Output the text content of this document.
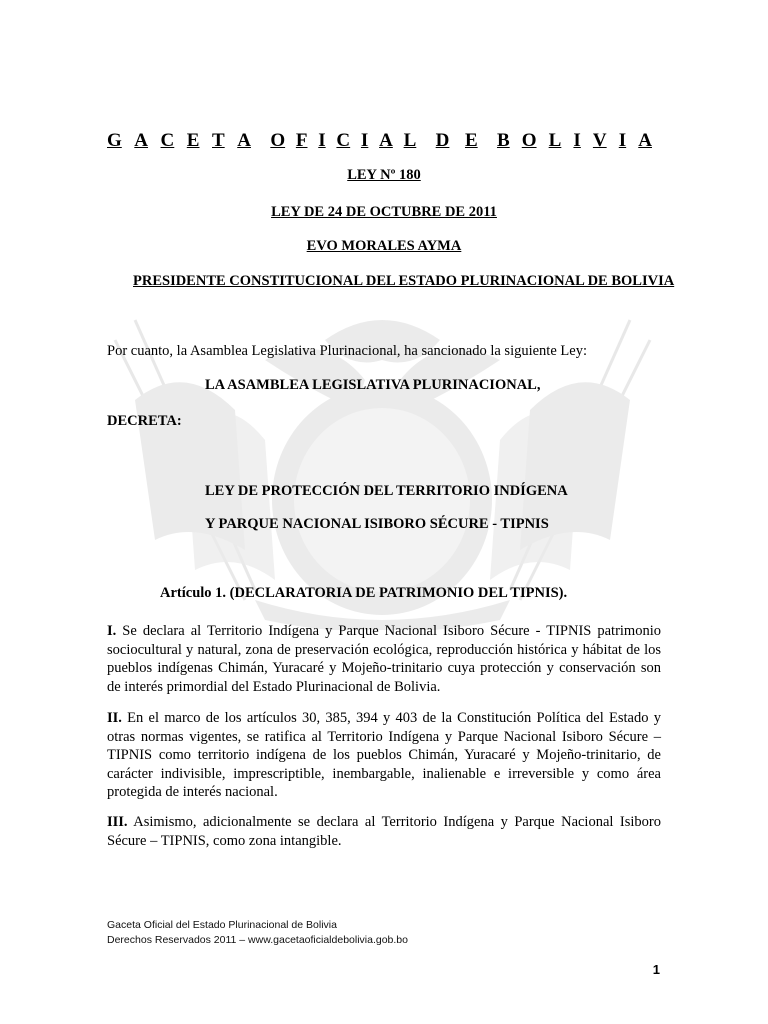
G A C E T A O F I C I A L D E B O L I V I A
LEY Nº 180
LEY DE 24 DE OCTUBRE DE 2011
EVO MORALES AYMA
PRESIDENTE CONSTITUCIONAL DEL ESTADO PLURINACIONAL DE BOLIVIA
Por cuanto, la Asamblea Legislativa Plurinacional, ha sancionado la siguiente Ley:
LA ASAMBLEA LEGISLATIVA PLURINACIONAL,
DECRETA:
LEY DE PROTECCIÓN DEL TERRITORIO INDÍGENA
Y PARQUE NACIONAL ISIBORO SÉCURE - TIPNIS
Artículo 1. (DECLARATORIA DE PATRIMONIO DEL TIPNIS).
I. Se declara al Territorio Indígena y Parque Nacional Isiboro Sécure - TIPNIS patrimonio sociocultural y natural, zona de preservación ecológica, reproducción histórica y hábitat de los pueblos indígenas Chimán, Yuracaré y Mojeño-trinitario cuya protección y conservación son de interés primordial del Estado Plurinacional de Bolivia.
II. En el marco de los artículos 30, 385, 394 y 403 de la Constitución Política del Estado y otras normas vigentes, se ratifica al Territorio Indígena y Parque Nacional Isiboro Sécure – TIPNIS como territorio indígena de los pueblos Chimán, Yuracaré y Mojeño-trinitario, de carácter indivisible, imprescriptible, inembargable, inalienable e irreversible y como área protegida de interés nacional.
III. Asimismo, adicionalmente se declara al Territorio Indígena y Parque Nacional Isiboro Sécure – TIPNIS, como zona intangible.
Gaceta Oficial del Estado Plurinacional de Bolivia
Derechos Reservados 2011 – www.gacetaoficialdebolivia.gob.bo
1
